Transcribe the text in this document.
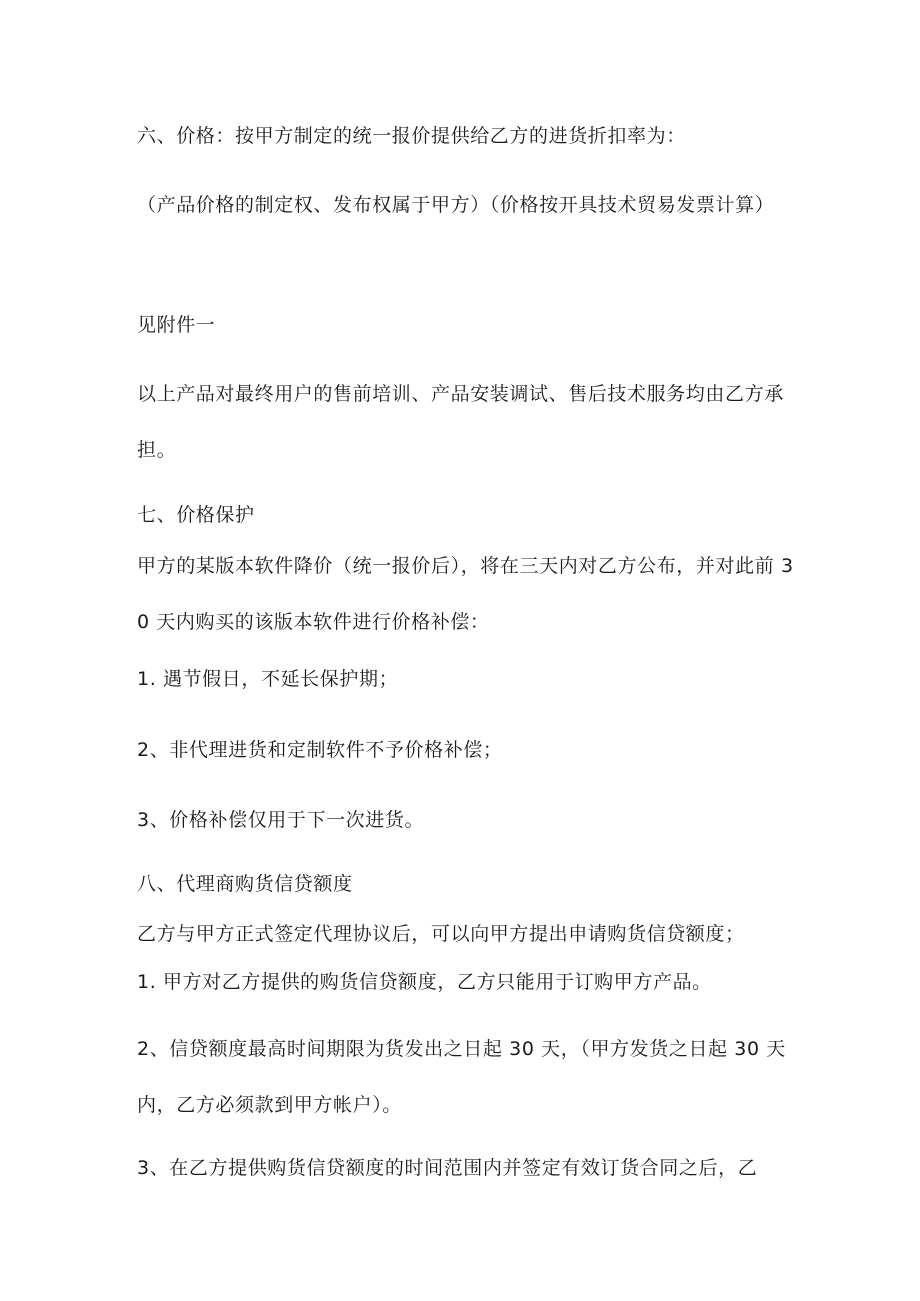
六、价格：按甲方制定的统一报价提供给乙方的进货折扣率为：

（产品价格的制定权、发布权属于甲方）（价格按开具技术贸易发票计算）

见附件一

以上产品对最终用户的售前培训、产品安装调试、售后技术服务均由乙方承担。

七、价格保护

甲方的某版本软件降价（统一报价后），将在三天内对乙方公布，并对此前 30 天内购买的该版本软件进行价格补偿：

1. 遇节假日，不延长保护期；

2、非代理进货和定制软件不予价格补偿；

3、价格补偿仅用于下一次进货。

八、代理商购货信贷额度

乙方与甲方正式签定代理协议后，可以向甲方提出申请购货信贷额度；

1. 甲方对乙方提供的购货信贷额度，乙方只能用于订购甲方产品。

2、信贷额度最高时间期限为货发出之日起 30 天，（甲方发货之日起 30 天内，乙方必须款到甲方帐户）。

3、在乙方提供购货信贷额度的时间范围内并签定有效订货合同之后，乙
